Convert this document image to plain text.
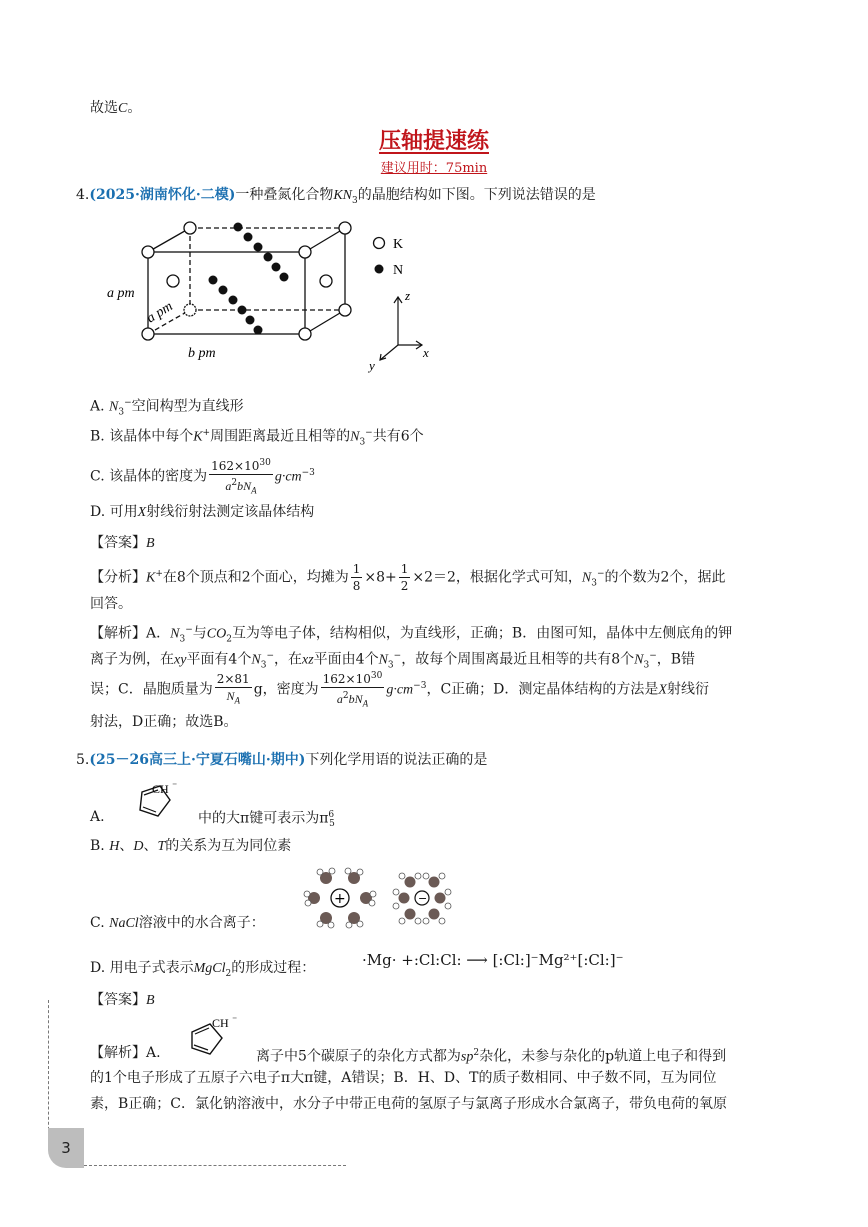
故选C。
压轴提速练
建议用时：75min
4.(2025·湖南怀化·二模)一种叠氮化合物$KN_3$的晶胞结构如下图。下列说法错误的是
K
N
a pm
a pm
b pm
z
x
y
A. $N_3^-$空间构型为直线形
B. 该晶体中每个K+周围距离最近且相等的$N_3^-$共有6个
C. 该晶体的密度为 $\frac{162\times 10^{30}}{a^2bN_A} g\cdot cm^{-3}$
D. 可用X射线衍射法测定该晶体结构
【答案】B
【分析】K+在8个顶点和2个面心，均摊为 $\frac{1}{8} \times 8+ \frac{1}{2} \times 2=2$，根据化学式可知，$N_3^-$的个数为2个，据此
回答。
【解析】A．$N_3^-$与$CO_2$互为等电子体，结构相似，为直线形，正确；B．由图可知，晶体中左侧底角的钾
离子为例，在xy平面有4个$N_3^-$，在xz平面由4个$N_3^-$，故每个周围离最近且相等的共有8个$N_3^-$，B错
误；C．晶胞质量为 $\frac{2\times 81}{N_A}$ g，密度为 $\frac{162\times 10^{30}}{a^2bN_A} g\cdot cm^{-3}$，C正确；D．测定晶体结构的方法是X射线衍
射法，D正确；故选B。
5.(25－26高三上·宁夏石嘴山·期中)下列化学用语的说法正确的是
A.
CH ⁻
中的大π键可表示为$\pi^6_5$
B. H、D、T的关系为互为同位素
C. NaCl溶液中的水合离子：
+	−
D. 用电子式表示MgCl$_2$的形成过程：	·Mg· +:Cl:Cl: ⟶ [:Cl:]⁻Mg²⁺[:Cl:]⁻
【答案】B
【解析】A.
CH ⁻
离子中5个碳原子的杂化方式都为$sp^2$杂化，未参与杂化的p轨道上电子和得到
的1个电子形成了五原子六电子π大π键，A错误；B．H、D、T的质子数相同、中子数不同，互为同位
素，B正确；C．氯化钠溶液中，水分子中带正电荷的氢原子与氯离子形成水合氯离子，带负电荷的氧原
3
